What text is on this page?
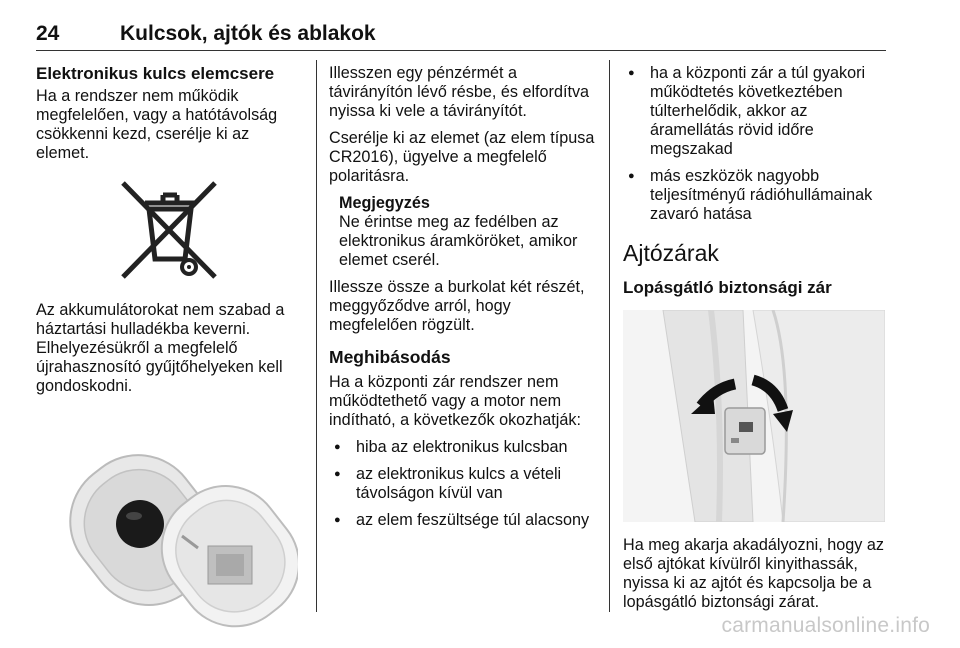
24	Kulcsok, ajtók és ablakok
Elektronikus kulcs elemcsere

Ha a rendszer nem működik megfelelően, vagy a hatótávolság csökkenni kezd, cserélje ki az elemet.

Az akkumulátorokat nem szabad a háztartási hulladékba keverni. Elhelyezésükről a megfelelő újrahasznosító gyűjtőhelyeken kell gondoskodni.

Illesszen egy pénzérmét a távirányítón lévő résbe, és elfordítva nyissa ki vele a távirányítót.

Cserélje ki az elemet (az elem típusa CR2016), ügyelve a megfelelő polaritásra.

Megjegyzés
Ne érintse meg az fedélben az elektronikus áramköröket, amikor elemet cserél.

Illessze össze a burkolat két részét, meggyőződve arról, hogy megfelelően rögzült.

Meghibásodás

Ha a központi zár rendszer nem működtethető vagy a motor nem indítható, a következők okozhatják:

● hiba az elektronikus kulcsban
● az elektronikus kulcs a vételi távolságon kívül van
● az elem feszültsége túl alacsony
● ha a központi zár a túl gyakori működtetés következtében túlterhelődik, akkor az áramellátás rövid időre megszakad
● más eszközök nagyobb teljesítményű rádióhullámainak zavaró hatása
Ajtózárak
Lopásgátló biztonsági zár

Ha meg akarja akadályozni, hogy az első ajtókat kívülről kinyithassák, nyissa ki az ajtót és kapcsolja be a lopásgátló biztonsági zárat.

carmanualsonline.info
